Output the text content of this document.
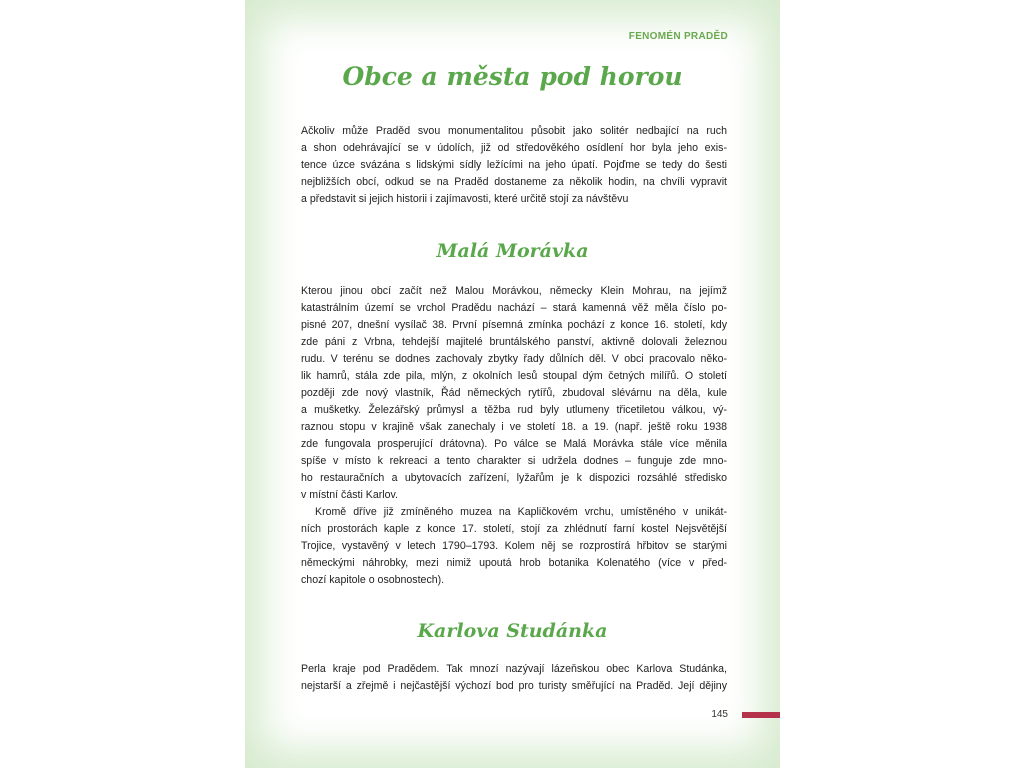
FENOMÉN PRADĚD
Obce a města pod horou
Ačkoliv může Praděd svou monumentalitou působit jako solitér nedbající na ruch
a shon odehrávající se v údolích, již od středověkého osídlení hor byla jeho exis-
tence úzce svázána s lidskými sídly ležícími na jeho úpatí. Pojďme se tedy do šesti
nejbližších obcí, odkud se na Praděd dostaneme za několik hodin, na chvíli vypravit
a představit si jejich historii i zajímavosti, které určitě stojí za návštěvu
Malá Morávka
Kterou jinou obcí začít než Malou Morávkou, německy Klein Mohrau, na jejímž
katastrálním území se vrchol Pradědu nachází – stará kamenná věž měla číslo po-
pisné 207, dnešní vysílač 38. První písemná zmínka pochází z konce 16. století, kdy
zde páni z Vrbna, tehdejší majitelé bruntálského panství, aktivně dolovali železnou
rudu. V terénu se dodnes zachovaly zbytky řady důlních děl. V obci pracovalo něko-
lik hamrů, stála zde pila, mlýn, z okolních lesů stoupal dým četných milířů. O století
později zde nový vlastník, Řád německých rytířů, zbudoval slévárnu na děla, kule
a mušketky. Železářský průmysl a těžba rud byly utlumeny třicetiletou válkou, vý-
raznou stopu v krajině však zanechaly i ve století 18. a 19. (např. ještě roku 1938
zde fungovala prosperující drátovna). Po válce se Malá Morávka stále více měnila
spíše v místo k rekreaci a tento charakter si udržela dodnes – funguje zde mno-
ho restauračních a ubytovacích zařízení, lyžařům je k dispozici rozsáhlé středisko
v místní části Karlov.
Kromě dříve již zmíněného muzea na Kapličkovém vrchu, umístěného v unikát-
ních prostorách kaple z konce 17. století, stojí za zhlédnutí farní kostel Nejsvětější
Trojice, vystavěný v letech 1790–1793. Kolem něj se rozprostírá hřbitov se starými
německými náhrobky, mezi nimiž upoutá hrob botanika Kolenatého (více v před-
chozí kapitole o osobnostech).
Karlova Studánka
Perla kraje pod Pradědem. Tak mnozí nazývají lázeňskou obec Karlova Studánka,
nejstarší a zřejmě i nejčastější výchozí bod pro turisty směřující na Praděd. Její dějiny
145
